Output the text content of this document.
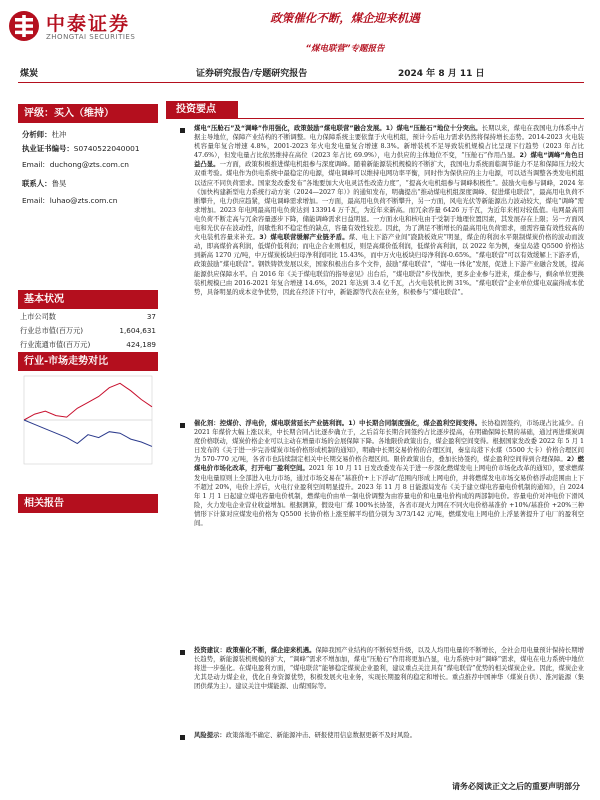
中泰证券
ZHONGTAI SECURITIES
政策催化不断，煤企迎来机遇
“煤电联营”专题报告
煤炭	证券研究报告/专题研究报告	2024 年 8 月 11 日
评级：买入（维持）
分析师：杜冲
执业证书编号：S0740522040001
Email: duchong@zts.com.cn
联系人：鲁昊
Email: luhao@zts.com.cn
基本状况
上市公司数	37
行业总市值(百万元)	1,604,631
行业流通市值(百万元)	424,189
行业-市场走势对比
相关报告
投资要点
煤电“压舱石”及“调峰”作用强化，政策鼓励“煤电联营”融合发展。1）煤电“压舱石”地位十分突出。长期以来，煤电在我国电力体系中占据主导地位，保障产业结构的不断调整。电力保障系统主要依靠于火电机组，预计今后电力需求仍然将保持增长态势。2014-2023 火电装机容量年复合增速 4.8%，2001-2023 年火电发电量复合增速 8.3%。新增装机不足导致装机规模占比呈现下行趋势（2023 年占比 47.6%），但发电量占比依然维持在高位（2023 年占比 69.9%），电力供应的主体地位不变，“压舱石”作用凸显。2）煤电“调峰”角色日益凸显。一方面，政策积极推进煤电机组参与深度调峰。随着新能源装机规模的不断扩大，我国电力系统面临调节能力不足和保障压力较大双重考验。煤电作为供电系统中最稳定的电源，煤电调峰可以维持电网功率平衡，同时作为保供应的主力电源，可以适当调整各类发电机组以适应不同负荷需求。国家发改委发布“各地要加大火电灵活性改造力度”，“提高火电机组参与调峰积极性”。鼓励火电参与调峰，2024 年《加快构建新型电力系统行动方案（2024—2027 年）》的通知发布，明确提出“推动煤电机组深度调峰、促进煤电联营”，最高用电负荷不断攀升，电力供应趋紧，煤电调峰需求增加。一方面，最高用电负荷不断攀升，另一方面，风电光伏等新能源出力波动较大，煤电“调峰”需求增加。2023 年电网最高用电负荷达到 133914 万千瓦，为近年来新高。而冗余容量 6426 万千瓦，为近年来相对较低值。电网最高用电负荷不断走高与冗余容量逐步下降，储能调峰需求日益明显。一方面水电和核电由于受制于地理位置因素，其发展存在上限；另一方面风电和光伏存在波动性，间歇性和不稳定性的缺点，容量有效性较差。因此，为了满足不断增长的最高用电负荷需求，亟需容量有效性较高的火电装机容量来补充。3）煤电联营缓解产业链矛盾。煤、电上下游产业间“跷跷板效应”明显，煤企的利润水平限制煤炭价格的波动而波动，即高煤价高利润，低煤价低利润；而电企合业则相反，则是高煤价低利润，低煤价高利润，以 2022 年为例，秦皇岛港 Q5500 价格达到新高 1270 元/吨，中万煤炭板块归母净利润同比 15.43%，而中万火电板块归母净利润-0.65%。“煤电联营”可以有效缓解上下游矛盾，政策鼓励“煤电联营”。钢铁铸铁发展以来，国家积极出台多个文件，鼓励“煤电联营”，“煤电一体化”发展，促进上下游产业融合发展，提高能源供应保障水平。自 2016 年《关于煤电联营的指导意见》出台后，“煤电联营”步伐加快，更多企业参与进来，煤企参与，剩余单位更换装机规模已由 2016-2021 年复合增速 14.6%，2021 年达到 3.4 亿千瓦，占火电装机比例 31%。“煤电联营”企业单位煤电双赢得成本优势，具备明显的成本竞争优势，因此在经济下行中，新能源等代表在业务，积极参与“煤电联营”。
催化剂：控煤价、浮电价，煤电联营延长产业链利润。1）中长期合同制度强化，煤企盈利空间变得。长协稳固签约，市场现占比减少。自 2021 年煤价大幅上涨以来，中长期合同占比逐步确立于，之后首年长期合同签约占比逐步提高，在明确保障长期的基础，通过再进煤炭调度价格联动，煤炭价格企业可以主动在增量市场的会展保障下降。各地限价政策出台，煤企盈利空间变得。根据国家发改委 2022 年 5 月 1 日发布的《关于进一步完善煤炭市场价格形成机制的通知》，明确中长期交易价格的合理区间，秦皇岛港下水煤（5500 大卡）价格合理区间为 570-770 元/吨，各省市也陆续制定相关中长期交易价格合理区间。限价政策出台，叠加长协签约，煤企盈利空间得到合理保障。2）燃煤电价市场化改革，打开电厂盈利空间。2021 年 10 月 11 日发改委发布关于进一步深化燃煤发电上网电价市场化改革的通知》，要求燃煤发电电量原则上全部进入电力市场，通过市场交易在“基准价+上下浮动”范围内形成上网电价，并将燃煤发电市场交易价格浮动范围由上下不超过 20%，电价上浮后，火电行业盈利空间明显提升。2023 年 11 月 8 日能源局发布《关于建立煤电容量电价机制的通知》，自 2024 年 1 月 1 日起建立煤电容量电价机制，燃煤电价由单一制电价调整为由容量电价和电量电价构成的两部制电价。容量电价对冲电价下滑风险，火力发电企业营业收益增加。根据测算，假设电厂煤 100%长协签，各省市现火力网在不同火电价格基准价 +10%/基准价 +20%三种情形下计算对应煤发电价格为 Q5500 长协价格上涨至解平均值分别为 3/73/142 元/吨，燃煤发电上网电价上浮显著提升了电厂的盈利空间。
投资建议：政策催化不断，煤企迎来机遇。保障我国产业结构的不断转型升级，以及人均用电量的不断增长，全社会用电量预计保持长期增长趋势，新能源装机规模的扩大，“调峰”需求不增加加，煤电“压舱石”作用将更加凸显，电力系统中对“调峰”需求，煤电在电力系统中地位将进一步强化。在煤电盈利方面，“煤电联营”能够稳定煤炭企业盈利，建议重点关注具有“煤电联营”优势的相关煤炭企业。因此，煤炭企业尤其是动力煤企业，优化自身资源优势，积极发展火电业务，实现长期盈利的稳定和增长。重点推荐中国神华（煤炭自供）、淮河能源（集团供煤为主）。建议关注中煤能源、山煤国际等。
风险提示：政策落地不确定、新能源冲击、研报使用信息数据更新不及时风险。
请务必阅读正文之后的重要声明部分
